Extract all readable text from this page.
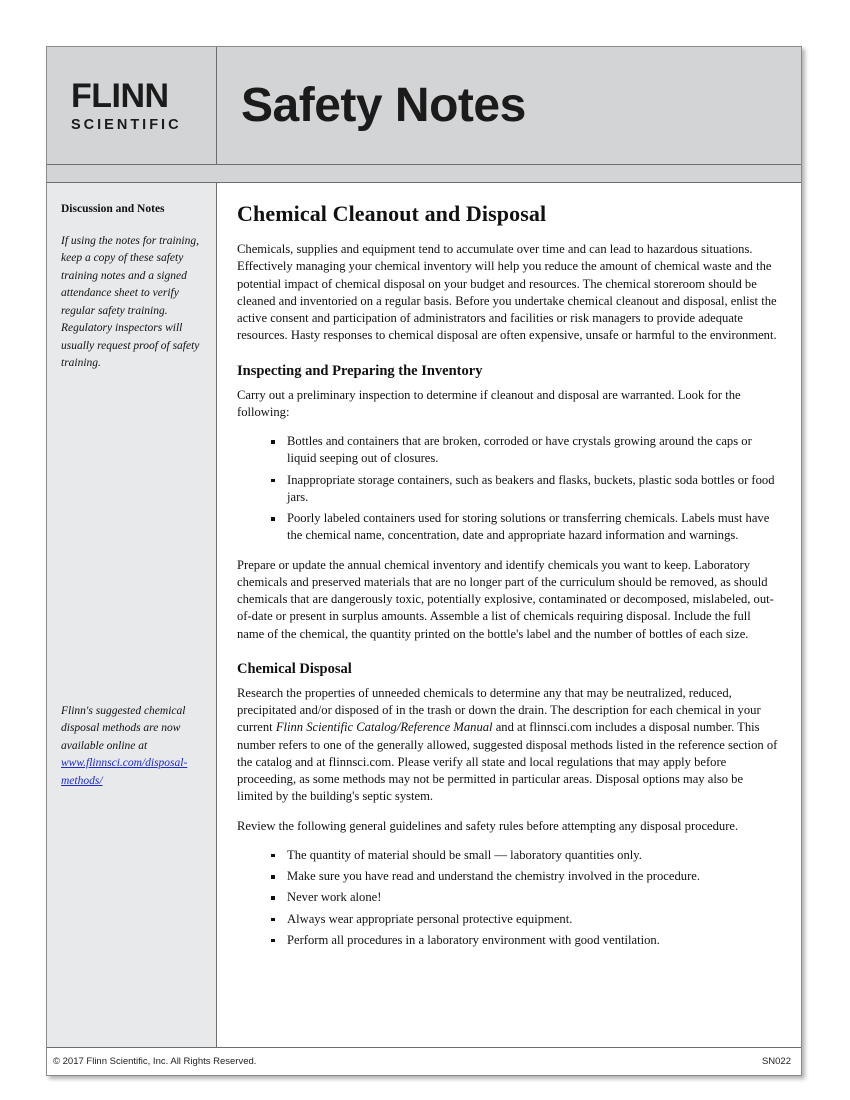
FLINN
SCIENTIFIC	Safety Notes
Discussion and Notes
If using the notes for training, keep a copy of these safety training notes and a signed attendance sheet to verify regular safety training. Regulatory inspectors will usually request proof of safety training.
Flinn's suggested chemical disposal methods are now available online at www.flinnsci.com/disposal-methods/
Chemical Cleanout and Disposal

Chemicals, supplies and equipment tend to accumulate over time and can lead to hazardous situations. Effectively managing your chemical inventory will help you reduce the amount of chemical waste and the potential impact of chemical disposal on your budget and resources. The chemical storeroom should be cleaned and inventoried on a regular basis. Before you undertake chemical cleanout and disposal, enlist the active consent and participation of administrators and facilities or risk managers to provide adequate resources. Hasty responses to chemical disposal are often expensive, unsafe or harmful to the environment.

Inspecting and Preparing the Inventory

Carry out a preliminary inspection to determine if cleanout and disposal are warranted. Look for the following:

Bottles and containers that are broken, corroded or have crystals growing around the caps or liquid seeping out of closures.
Inappropriate storage containers, such as beakers and flasks, buckets, plastic soda bottles or food jars.
Poorly labeled containers used for storing solutions or transferring chemicals. Labels must have the chemical name, concentration, date and appropriate hazard information and warnings.

Prepare or update the annual chemical inventory and identify chemicals you want to keep. Laboratory chemicals and preserved materials that are no longer part of the curriculum should be removed, as should chemicals that are dangerously toxic, potentially explosive, contaminated or decomposed, mislabeled, out-of-date or present in surplus amounts. Assemble a list of chemicals requiring disposal. Include the full name of the chemical, the quantity printed on the bottle's label and the number of bottles of each size.

Chemical Disposal

Research the properties of unneeded chemicals to determine any that may be neutralized, reduced, precipitated and/or disposed of in the trash or down the drain. The description for each chemical in your current Flinn Scientific Catalog/Reference Manual and at flinnsci.com includes a disposal number. This number refers to one of the generally allowed, suggested disposal methods listed in the reference section of the catalog and at flinnsci.com. Please verify all state and local regulations that may apply before proceeding, as some methods may not be permitted in particular areas. Disposal options may also be limited by the building's septic system.

Review the following general guidelines and safety rules before attempting any disposal procedure.

The quantity of material should be small — laboratory quantities only.
Make sure you have read and understand the chemistry involved in the procedure.
Never work alone!
Always wear appropriate personal protective equipment.
Perform all procedures in a laboratory environment with good ventilation.
© 2017 Flinn Scientific, Inc. All Rights Reserved.	SN022
